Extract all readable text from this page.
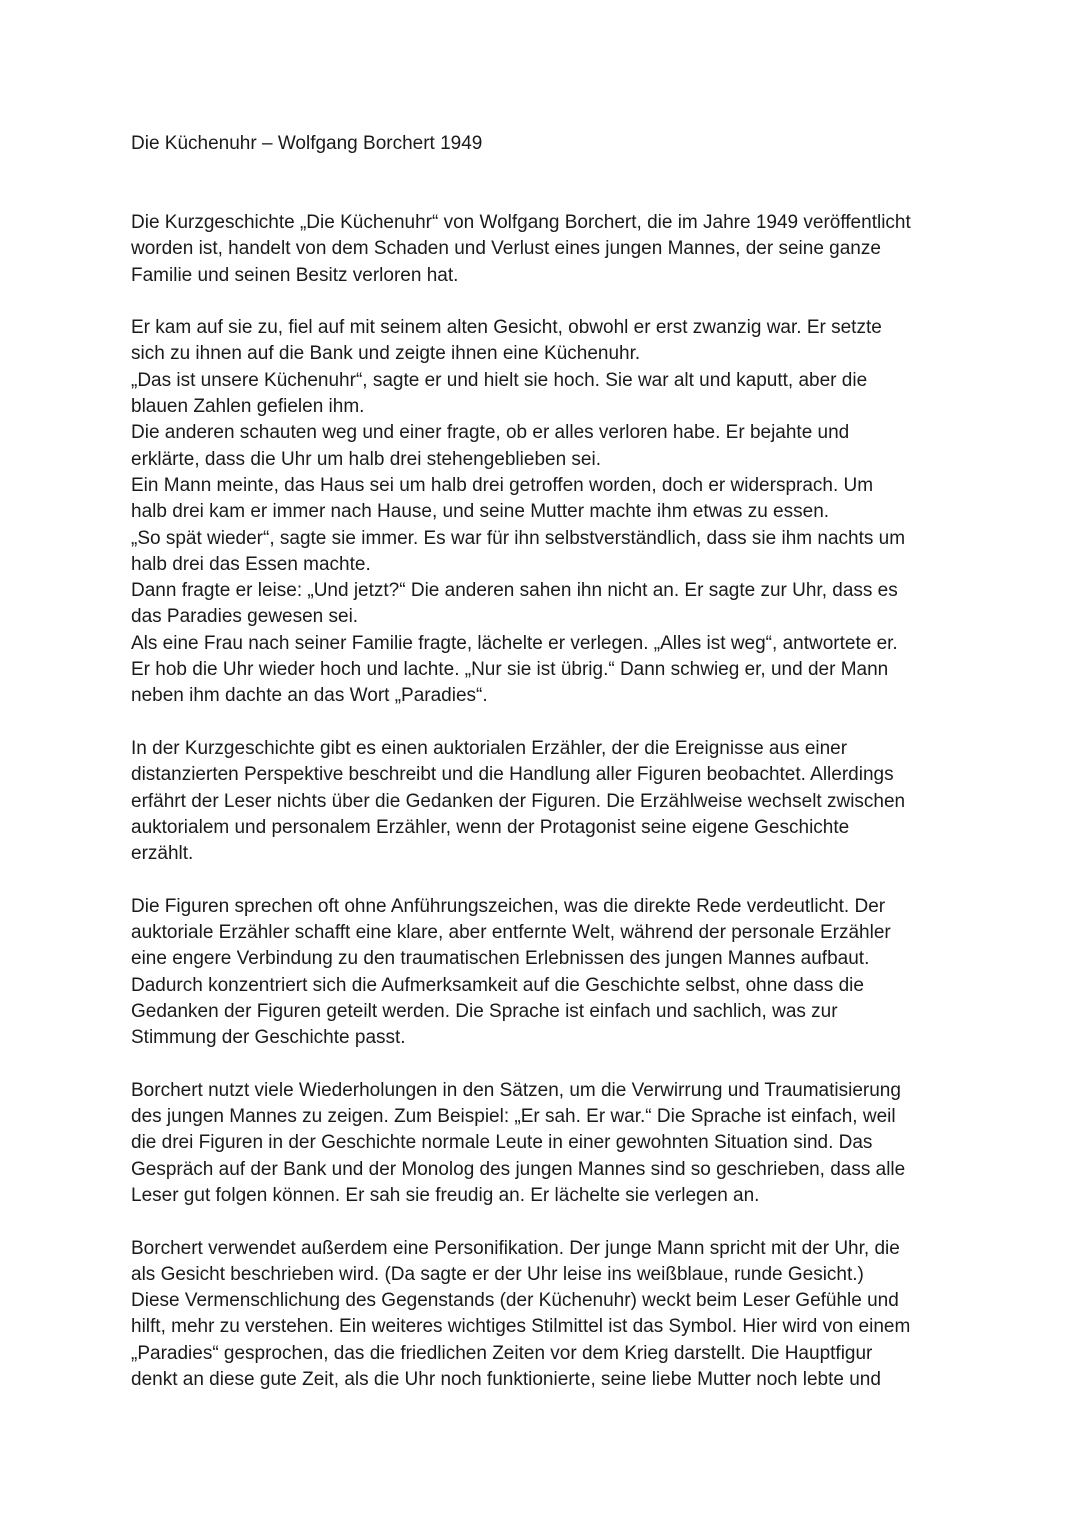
Die Küchenuhr – Wolfgang Borchert 1949

Die Kurzgeschichte „Die Küchenuhr“ von Wolfgang Borchert, die im Jahre 1949 veröffentlicht
worden ist, handelt von dem Schaden und Verlust eines jungen Mannes, der seine ganze
Familie und seinen Besitz verloren hat.

Er kam auf sie zu, fiel auf mit seinem alten Gesicht, obwohl er erst zwanzig war. Er setzte
sich zu ihnen auf die Bank und zeigte ihnen eine Küchenuhr.
„Das ist unsere Küchenuhr“, sagte er und hielt sie hoch. Sie war alt und kaputt, aber die
blauen Zahlen gefielen ihm.
Die anderen schauten weg und einer fragte, ob er alles verloren habe. Er bejahte und
erklärte, dass die Uhr um halb drei stehengeblieben sei.
Ein Mann meinte, das Haus sei um halb drei getroffen worden, doch er widersprach. Um
halb drei kam er immer nach Hause, und seine Mutter machte ihm etwas zu essen.
„So spät wieder“, sagte sie immer. Es war für ihn selbstverständlich, dass sie ihm nachts um
halb drei das Essen machte.
Dann fragte er leise: „Und jetzt?“ Die anderen sahen ihn nicht an. Er sagte zur Uhr, dass es
das Paradies gewesen sei.
Als eine Frau nach seiner Familie fragte, lächelte er verlegen. „Alles ist weg“, antwortete er.
Er hob die Uhr wieder hoch und lachte. „Nur sie ist übrig.“ Dann schwieg er, und der Mann
neben ihm dachte an das Wort „Paradies“.

In der Kurzgeschichte gibt es einen auktorialen Erzähler, der die Ereignisse aus einer
distanzierten Perspektive beschreibt und die Handlung aller Figuren beobachtet. Allerdings
erfährt der Leser nichts über die Gedanken der Figuren. Die Erzählweise wechselt zwischen
auktorialem und personalem Erzähler, wenn der Protagonist seine eigene Geschichte
erzählt.

Die Figuren sprechen oft ohne Anführungszeichen, was die direkte Rede verdeutlicht. Der
auktoriale Erzähler schafft eine klare, aber entfernte Welt, während der personale Erzähler
eine engere Verbindung zu den traumatischen Erlebnissen des jungen Mannes aufbaut.
Dadurch konzentriert sich die Aufmerksamkeit auf die Geschichte selbst, ohne dass die
Gedanken der Figuren geteilt werden. Die Sprache ist einfach und sachlich, was zur
Stimmung der Geschichte passt.

Borchert nutzt viele Wiederholungen in den Sätzen, um die Verwirrung und Traumatisierung
des jungen Mannes zu zeigen. Zum Beispiel: „Er sah. Er war.“ Die Sprache ist einfach, weil
die drei Figuren in der Geschichte normale Leute in einer gewohnten Situation sind. Das
Gespräch auf der Bank und der Monolog des jungen Mannes sind so geschrieben, dass alle
Leser gut folgen können. Er sah sie freudig an. Er lächelte sie verlegen an.

Borchert verwendet außerdem eine Personifikation. Der junge Mann spricht mit der Uhr, die
als Gesicht beschrieben wird. (Da sagte er der Uhr leise ins weißblaue, runde Gesicht.)
Diese Vermenschlichung des Gegenstands (der Küchenuhr) weckt beim Leser Gefühle und
hilft, mehr zu verstehen. Ein weiteres wichtiges Stilmittel ist das Symbol. Hier wird von einem
„Paradies“ gesprochen, das die friedlichen Zeiten vor dem Krieg darstellt. Die Hauptfigur
denkt an diese gute Zeit, als die Uhr noch funktionierte, seine liebe Mutter noch lebte und
